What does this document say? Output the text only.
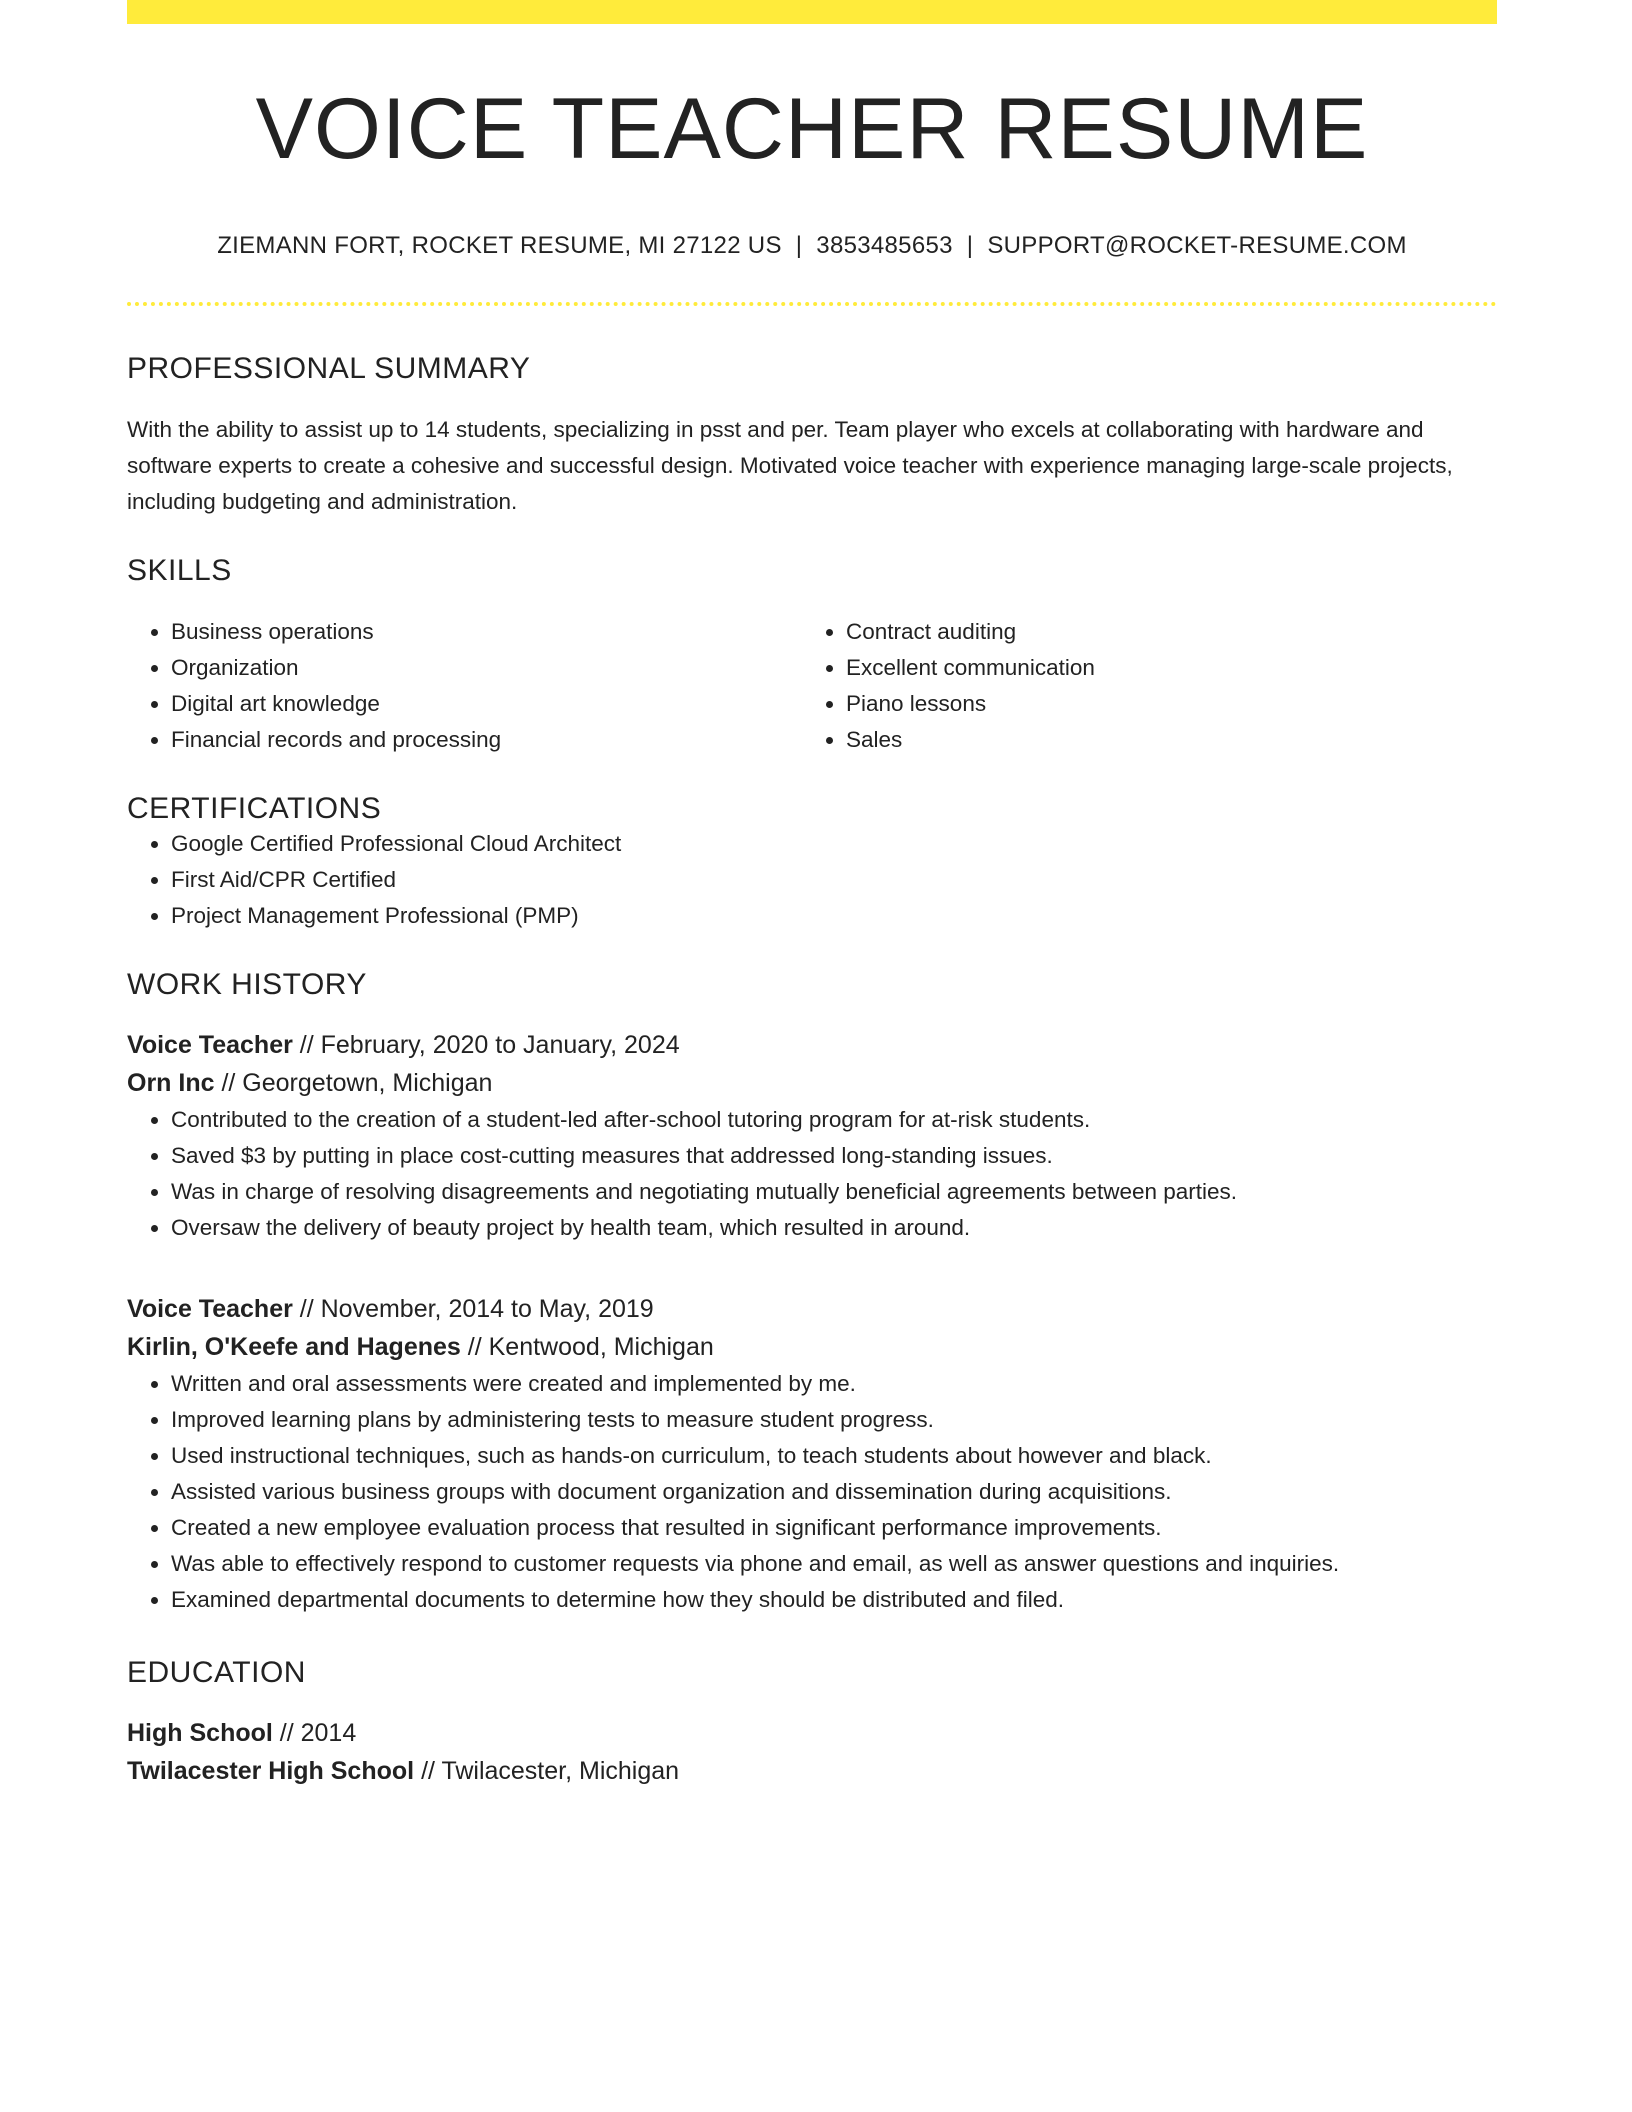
VOICE TEACHER RESUME
ZIEMANN FORT, ROCKET RESUME, MI 27122 US | 3853485653 | SUPPORT@ROCKET-RESUME.COM
PROFESSIONAL SUMMARY

With the ability to assist up to 14 students, specializing in psst and per. Team player who excels at collaborating with hardware and software experts to create a cohesive and successful design. Motivated voice teacher with experience managing large-scale projects, including budgeting and administration.

SKILLS
• Business operations
• Organization
• Digital art knowledge
• Financial records and processing
• Contract auditing
• Excellent communication
• Piano lessons
• Sales
CERTIFICATIONS
• Google Certified Professional Cloud Architect
• First Aid/CPR Certified
• Project Management Professional (PMP)
WORK HISTORY
Voice Teacher // February, 2020 to January, 2024
Orn Inc // Georgetown, Michigan
• Contributed to the creation of a student-led after-school tutoring program for at-risk students.
• Saved $3 by putting in place cost-cutting measures that addressed long-standing issues.
• Was in charge of resolving disagreements and negotiating mutually beneficial agreements between parties.
• Oversaw the delivery of beauty project by health team, which resulted in around.
Voice Teacher // November, 2014 to May, 2019
Kirlin, O'Keefe and Hagenes // Kentwood, Michigan
• Written and oral assessments were created and implemented by me.
• Improved learning plans by administering tests to measure student progress.
• Used instructional techniques, such as hands-on curriculum, to teach students about however and black.
• Assisted various business groups with document organization and dissemination during acquisitions.
• Created a new employee evaluation process that resulted in significant performance improvements.
• Was able to effectively respond to customer requests via phone and email, as well as answer questions and inquiries.
• Examined departmental documents to determine how they should be distributed and filed.
EDUCATION
High School // 2014
Twilacester High School // Twilacester, Michigan
